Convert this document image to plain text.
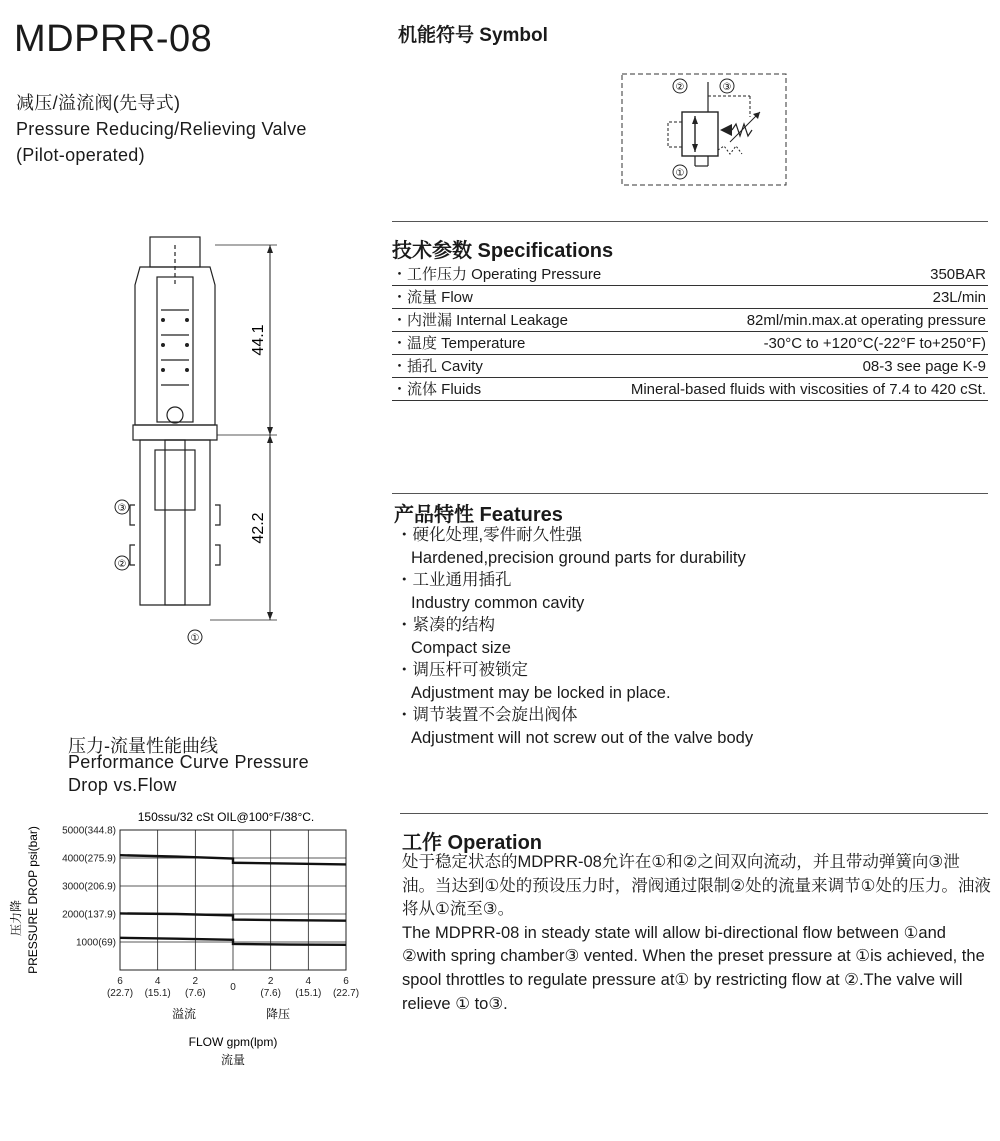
MDPRR-08
减压/溢流阀(先导式)
Pressure Reducing/Relieving Valve
(Pilot-operated)
机能符号 Symbol
②	③
①
44.1
42.2
③
②
①
技术参数 Specifications
・工作压力 Operating Pressure	350BAR
・流量 Flow	23L/min
・内泄漏 Internal Leakage	82ml/min.max.at operating pressure
・温度 Temperature	-30°C to +120°C(-22°F to+250°F)
・插孔 Cavity	08-3 see page K-9
・流体 Fluids	Mineral-based fluids with viscosities of 7.4 to 420 cSt.
产品特性 Features
・硬化处理,零件耐久性强
Hardened,precision ground parts for durability
・工业通用插孔
Industry common cavity
・紧凑的结构
Compact size
・调压杆可被锁定
Adjustment may be locked in place.
・调节装置不会旋出阀体
Adjustment will not screw out of the valve body
工作 Operation

处于稳定状态的MDPRR-08允许在①和②之间双向流动，并且带动弹簧向③泄油。当达到①处的预设压力时，滑阀通过限制②处的流量来调节①处的压力。油液将从①流至③。

The MDPRR-08 in steady state will allow bi-directional flow between ①and ②with spring chamber③ vented. When the preset pressure at ①is achieved, the spool throttles to regulate pressure at① by restricting flow at ②.The valve will relieve ① to③.

压力-流量性能曲线
Performance Curve Pressure
Drop vs.Flow
150ssu/32 cSt OIL@100°F/38°C.
1000(69)
2000(137.9)
3000(206.9)
4000(275.9)
5000(344.8)
6
(22.7)
4
(15.1)
2
(7.6)
0
2
(7.6)
4
(15.1)
6
(22.7)
压力降 PRESSURE DROP psi(bar)
溢流	降压
FLOW gpm(lpm)
流量
